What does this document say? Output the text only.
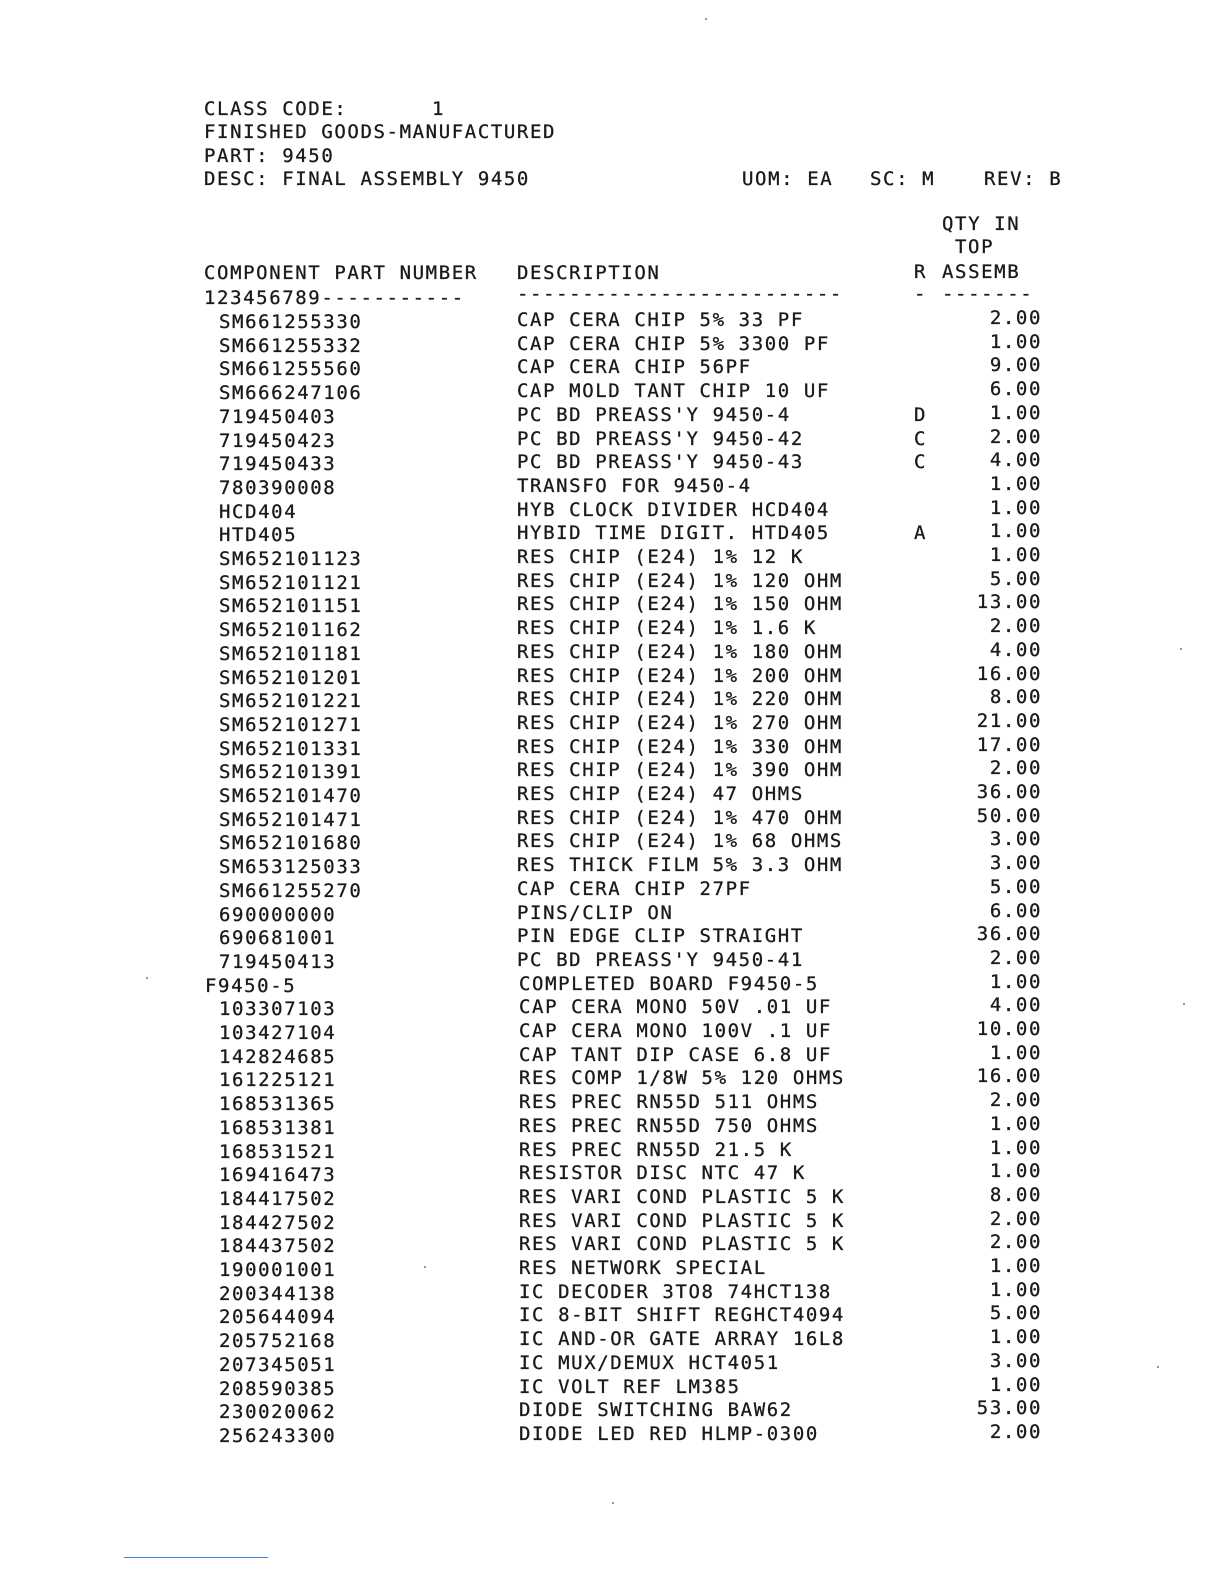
CLASS CODE:	1
FINISHED GOODS-MANUFACTURED
PART: 9450
DESC: FINAL ASSEMBLY 9450	UOM: EA SC: M	REV: B
QTY IN
TOP
COMPONENT PART NUMBER DESCRIPTION	R ASSEMB
123456789-----------	-------------------------	- -------
SM661255330	CAP CERA CHIP 5% 33 PF	2.00
SM661255332	CAP CERA CHIP 5% 3300 PF	1.00
SM661255560	CAP CERA CHIP 56PF	9.00
SM666247106	CAP MOLD TANT CHIP 10 UF	6.00
719450403	PC BD PREASS'Y 9450-4	D	1.00
719450423	PC BD PREASS'Y 9450-42	C	2.00
719450433	PC BD PREASS'Y 9450-43	C	4.00
780390008	TRANSFO FOR 9450-4	1.00
HCD404	HYB CLOCK DIVIDER HCD404	1.00
HTD405	HYBID TIME DIGIT. HTD405	A	1.00
SM652101123	RES CHIP (E24) 1% 12 K	1.00
SM652101121	RES CHIP (E24) 1% 120 OHM	5.00
SM652101151	RES CHIP (E24) 1% 150 OHM	13.00
SM652101162	RES CHIP (E24) 1% 1.6 K	2.00
SM652101181	RES CHIP (E24) 1% 180 OHM	4.00
SM652101201	RES CHIP (E24) 1% 200 OHM	16.00
SM652101221	RES CHIP (E24) 1% 220 OHM	8.00
SM652101271	RES CHIP (E24) 1% 270 OHM	21.00
SM652101331	RES CHIP (E24) 1% 330 OHM	17.00
SM652101391	RES CHIP (E24) 1% 390 OHM	2.00
SM652101470	RES CHIP (E24) 47 OHMS	36.00
SM652101471	RES CHIP (E24) 1% 470 OHM	50.00
SM652101680	RES CHIP (E24) 1% 68 OHMS	3.00
SM653125033	RES THICK FILM 5% 3.3 OHM	3.00
SM661255270	CAP CERA CHIP 27PF	5.00
690000000	PINS/CLIP ON	6.00
690681001	PIN EDGE CLIP STRAIGHT	36.00
719450413	PC BD PREASS'Y 9450-41	2.00
F9450-5	COMPLETED BOARD F9450-5	1.00
103307103	CAP CERA MONO 50V .01 UF	4.00
103427104	CAP CERA MONO 100V .1 UF	10.00
142824685	CAP TANT DIP CASE 6.8 UF	1.00
161225121	RES COMP 1/8W 5% 120 OHMS	16.00
168531365	RES PREC RN55D 511 OHMS	2.00
168531381	RES PREC RN55D 750 OHMS	1.00
168531521	RES PREC RN55D 21.5 K	1.00
169416473	RESISTOR DISC NTC 47 K	1.00
184417502	RES VARI COND PLASTIC 5 K	8.00
184427502	RES VARI COND PLASTIC 5 K	2.00
184437502	RES VARI COND PLASTIC 5 K	2.00
190001001	RES NETWORK SPECIAL	1.00
200344138	IC DECODER 3TO8 74HCT138	1.00
205644094	IC 8-BIT SHIFT REGHCT4094	5.00
205752168	IC AND-OR GATE ARRAY 16L8	1.00
207345051	IC MUX/DEMUX HCT4051	3.00
208590385	IC VOLT REF LM385	1.00
230020062	DIODE SWITCHING BAW62	53.00
256243300	DIODE LED RED HLMP-0300	2.00
